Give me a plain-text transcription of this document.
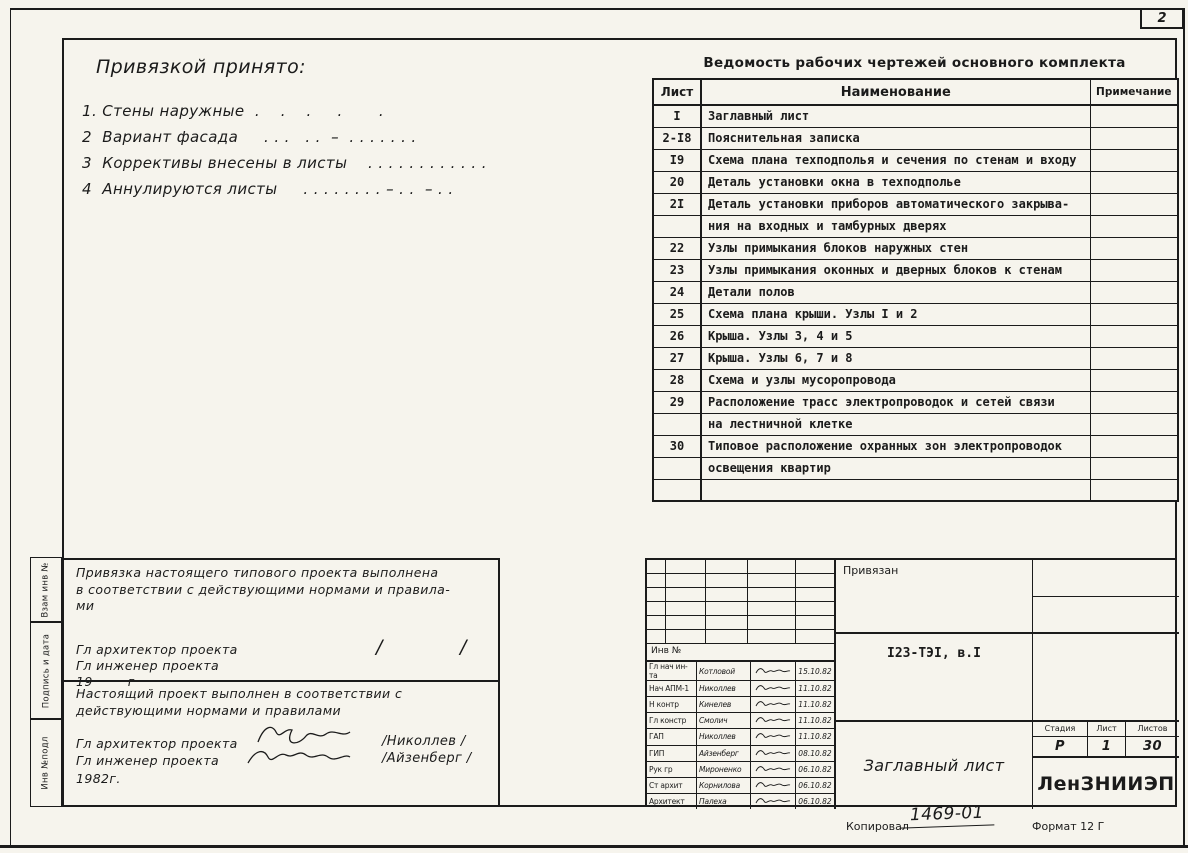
2
Привязкой принято:
1. Стены наружные  .    .    .     .       .
2  Вариант фасада     . . .   . .  –  . . . . . . .
3  Коррективы внесены в листы    . . . . . . . . . . . .
4  Аннулируются листы     . . . . . . . . – . .  – . .
Ведомость рабочих чертежей основного комплекта
Лист	Наименование	Примечание
I	Заглавный лист	
2-I8	Пояснительная записка	
I9	Схема плана техподполья и сечения по стенам и входу	
20	Деталь установки окна в техподполье	
2I	Деталь установки приборов автоматического закрыва-	
	ния на входных и тамбурных дверях	
22	Узлы примыкания блоков наружных стен	
23	Узлы примыкания оконных и дверных блоков к стенам	
24	Детали полов	
25	Схема плана крыши. Узлы I и 2	
26	Крыша. Узлы 3, 4 и 5	
27	Крыша. Узлы 6, 7 и 8	
28	Схема и узлы мусоропровода	
29	Расположение трасс электропроводок и сетей связи	
	на лестничной клетке	
30	Типовое расположение охранных зон электропроводок	
	освещения квартир	

Привязка настоящего типового проекта выполнена
в соответствии с действующими нормами и правила-
ми
Гл архитектор проекта	/	/
Гл инженер проекта
Настоящий проект выполнен в соответствии с
действующими нормами и правилами
Гл архитектор проекта	/Николлев /
Гл инженер проекта	/Айзенберг /
1982г.
Инв №
Гл нач ин-та	Котловой	15.10.82
Нач АПМ-1	Николлев	11.10.82
Н контр	Кинелев	11.10.82
Гл констр	Смолич	11.10.82
ГАП	Николлев	11.10.82
ГИП	Айзенберг	08.10.82
Рук гр	Мироненко	06.10.82
Ст архит	Корнилова	06.10.82
Архитект	Палеха	06.10.82
Привязан
I23-ТЭI, в.I
Заглавный лист
Стадия	Лист	Листов
Р	1	30
ЛенЗНИИЭП
Взам инв №
Подпись и дата
Инв №подл
Копировал
1469-01
Формат 12 Г
